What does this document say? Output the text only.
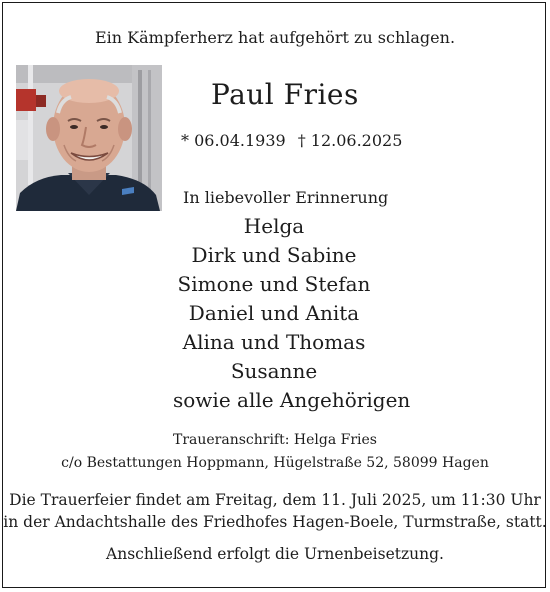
Ein Kämpferherz hat aufgehört zu schlagen.
Paul Fries
* 06.04.1939 † 12.06.2025
In liebevoller Erinnerung
Helga
Dirk und Sabine
Simone und Stefan
Daniel und Anita
Alina und Thomas
Susanne
sowie alle Angehörigen
Traueranschrift: Helga Fries
c/o Bestattungen Hoppmann, Hügelstraße 52, 58099 Hagen
Die Trauerfeier findet am Freitag, dem 11. Juli 2025, um 11:30 Uhr
in der Andachtshalle des Friedhofes Hagen-Boele, Turmstraße, statt.
Anschließend erfolgt die Urnenbeisetzung.
